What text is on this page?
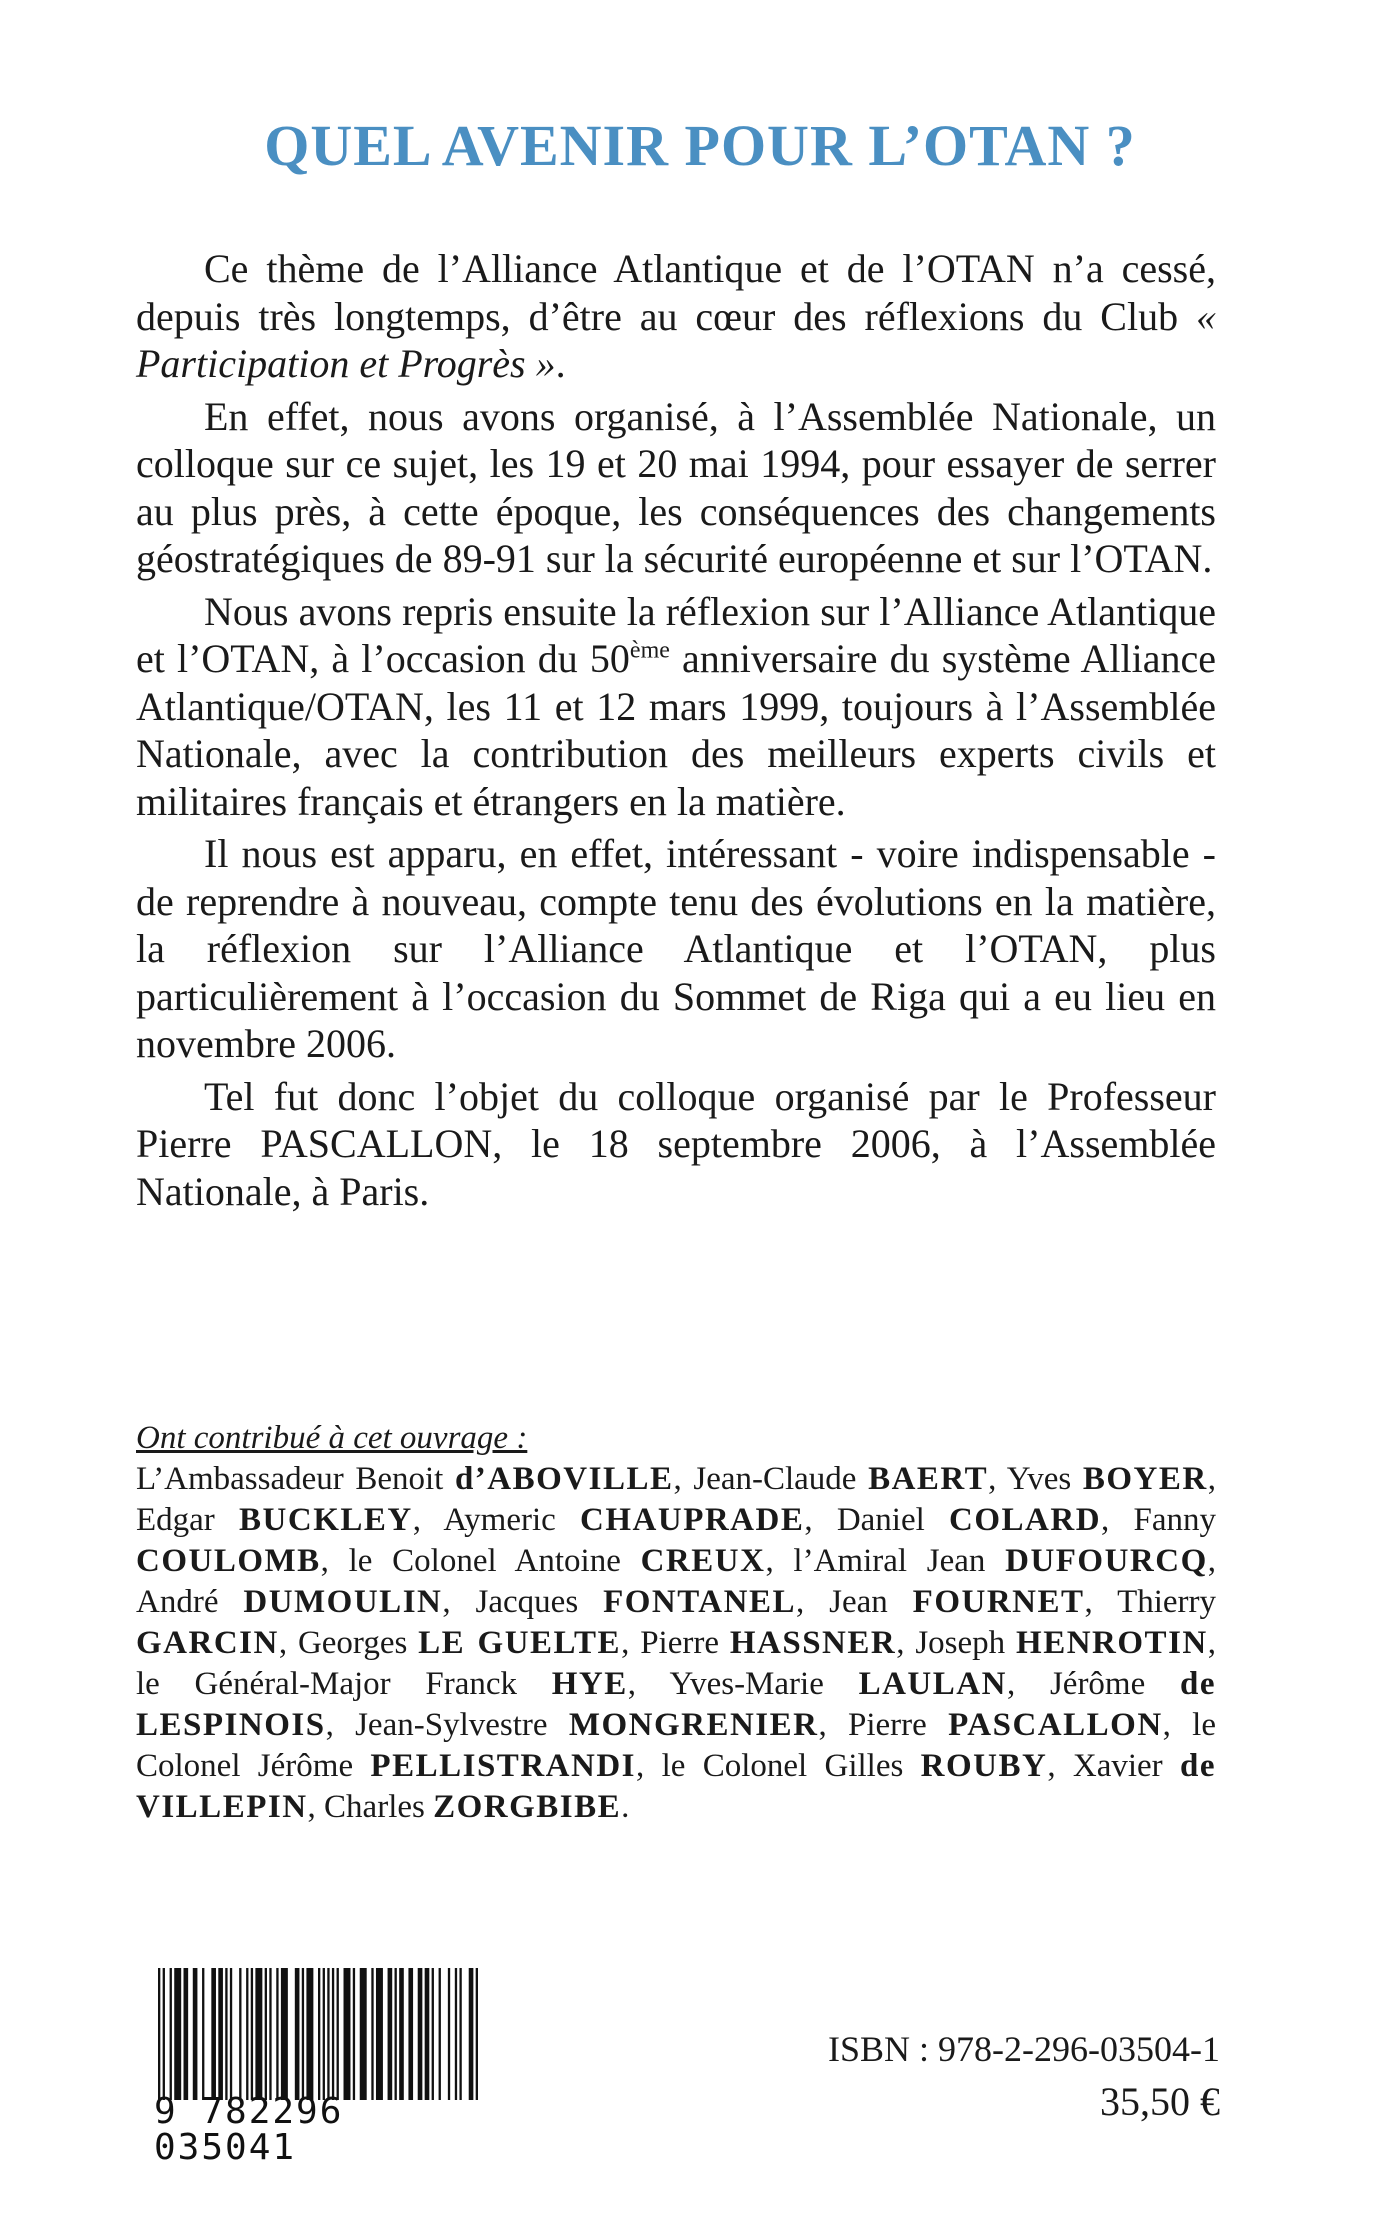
QUEL AVENIR POUR L’OTAN ?

Ce thème de l’Alliance Atlantique et de l’OTAN n’a cessé, depuis très longtemps, d’être au cœur des réflexions du Club « Participation et Progrès ».

En effet, nous avons organisé, à l’Assemblée Nationale, un colloque sur ce sujet, les 19 et 20 mai 1994, pour essayer de serrer au plus près, à cette époque, les conséquences des changements géostratégiques de 89-91 sur la sécurité européenne et sur l’OTAN.

Nous avons repris ensuite la réflexion sur l’Alliance Atlantique et l’OTAN, à l’occasion du 50ème anniversaire du système Alliance Atlantique/OTAN, les 11 et 12 mars 1999, toujours à l’Assemblée Nationale, avec la contribution des meilleurs experts civils et militaires français et étrangers en la matière.

Il nous est apparu, en effet, intéressant - voire indispensable - de reprendre à nouveau, compte tenu des évolutions en la matière, la réflexion sur l’Alliance Atlantique et l’OTAN, plus particulièrement à l’occasion du Sommet de Riga qui a eu lieu en novembre 2006.

Tel fut donc l’objet du colloque organisé par le Professeur Pierre PASCALLON, le 18 septembre 2006, à l’Assemblée Nationale, à Paris.

Ont contribué à cet ouvrage :
L’Ambassadeur Benoit d’ABOVILLE, Jean-Claude BAERT, Yves BOYER, Edgar BUCKLEY, Aymeric CHAUPRADE, Daniel COLARD, Fanny COULOMB, le Colonel Antoine CREUX, l’Amiral Jean DUFOURCQ, André DUMOULIN, Jacques FONTANEL, Jean FOURNET, Thierry GARCIN, Georges LE GUELTE, Pierre HASSNER, Joseph HENROTIN, le Général-Major Franck HYE, Yves-Marie LAULAN, Jérôme de LESPINOIS, Jean-Sylvestre MONGRENIER, Pierre PASCALLON, le Colonel Jérôme PELLISTRANDI, le Colonel Gilles ROUBY, Xavier de VILLEPIN, Charles ZORGBIBE.
9 782296 035041
ISBN : 978-2-296-03504-1
35,50 €
